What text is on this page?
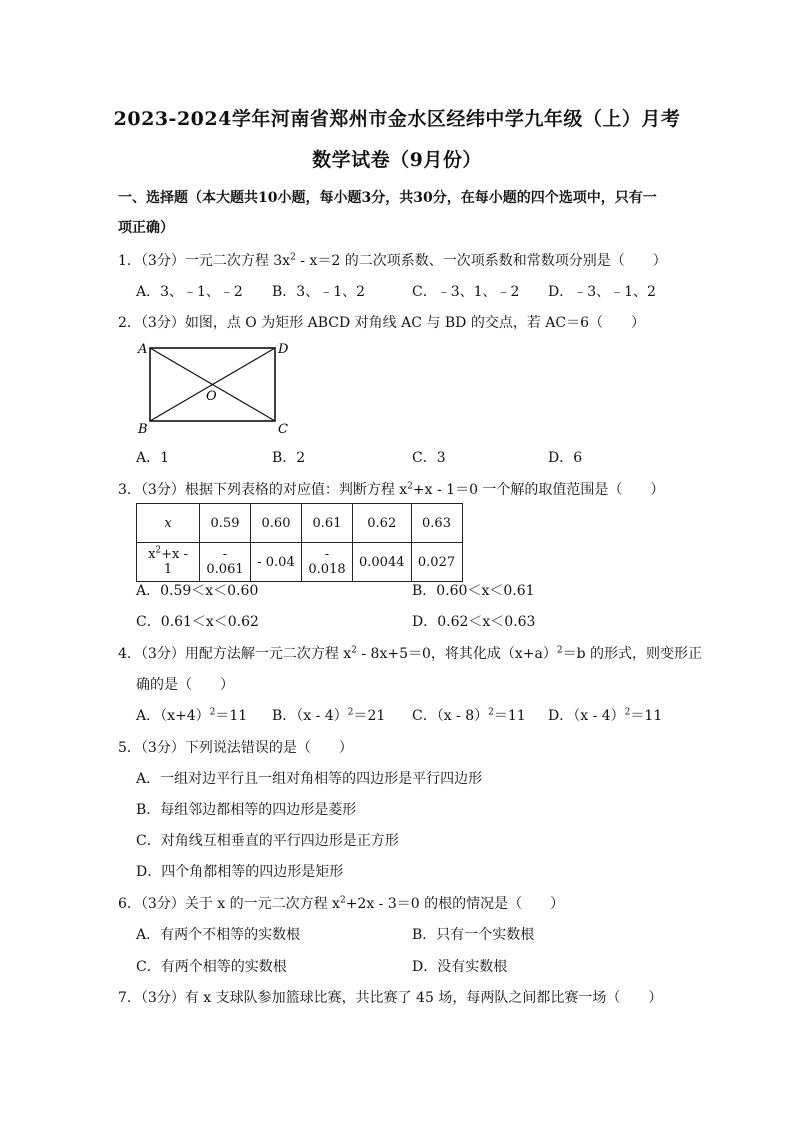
2023-2024学年河南省郑州市金水区经纬中学九年级（上）月考
数学试卷（9月份）
一、选择题（本大题共10小题，每小题3分，共30分，在每小题的四个选项中，只有一
项正确）
1．（3分）一元二次方程 $3x^2 - x=2$ 的二次项系数、一次项系数和常数项分别是（　　）
A．3、﹣1、﹣2 B．3、﹣1、2	C．﹣3、1、﹣2 D．﹣3、﹣1、2
2．（3分）如图，点 O 为矩形 ABCD 对角线 AC 与 BD 的交点，若 AC＝6（　　）
A	D
B	C
O
A．1	B．2	C．3	D．6
3．（3分）根据下列表格的对应值：判断方程 $x^2+x - 1=0$ 一个解的取值范围是（　　）
x	0.59	0.60	0.61	0.62	0.63
$x^2+x - 1$	- 0.061	- 0.04	- 0.018	0.0044	0.027
A．0.59＜x＜0.60	B．0.60＜x＜0.61
C．0.61＜x＜0.62	D．0.62＜x＜0.63
4．（3分）用配方法解一元二次方程 $x^2 - 8x+5=0$，将其化成$(x+a)^2=b$ 的形式，则变形正
确的是（　　）
A．$(x+4)^2=11$ B．（x - 4）$^2$＝21 C．（x - 8）$^2$＝11 D．（x - 4）$^2$＝11
5．（3分）下列说法错误的是（　　）
A．一组对边平行且一组对角相等的四边形是平行四边形
B．每组邻边都相等的四边形是菱形
C．对角线互相垂直的平行四边形是正方形
D．四个角都相等的四边形是矩形
6．（3分）关于 x 的一元二次方程 $x^2+2x - 3=0$ 的根的情况是（　　）
A．有两个不相等的实数根	B．只有一个实数根
C．有两个相等的实数根	D．没有实数根
7．（3分）有 x 支球队参加篮球比赛，共比赛了 45 场，每两队之间都比赛一场（　　）
